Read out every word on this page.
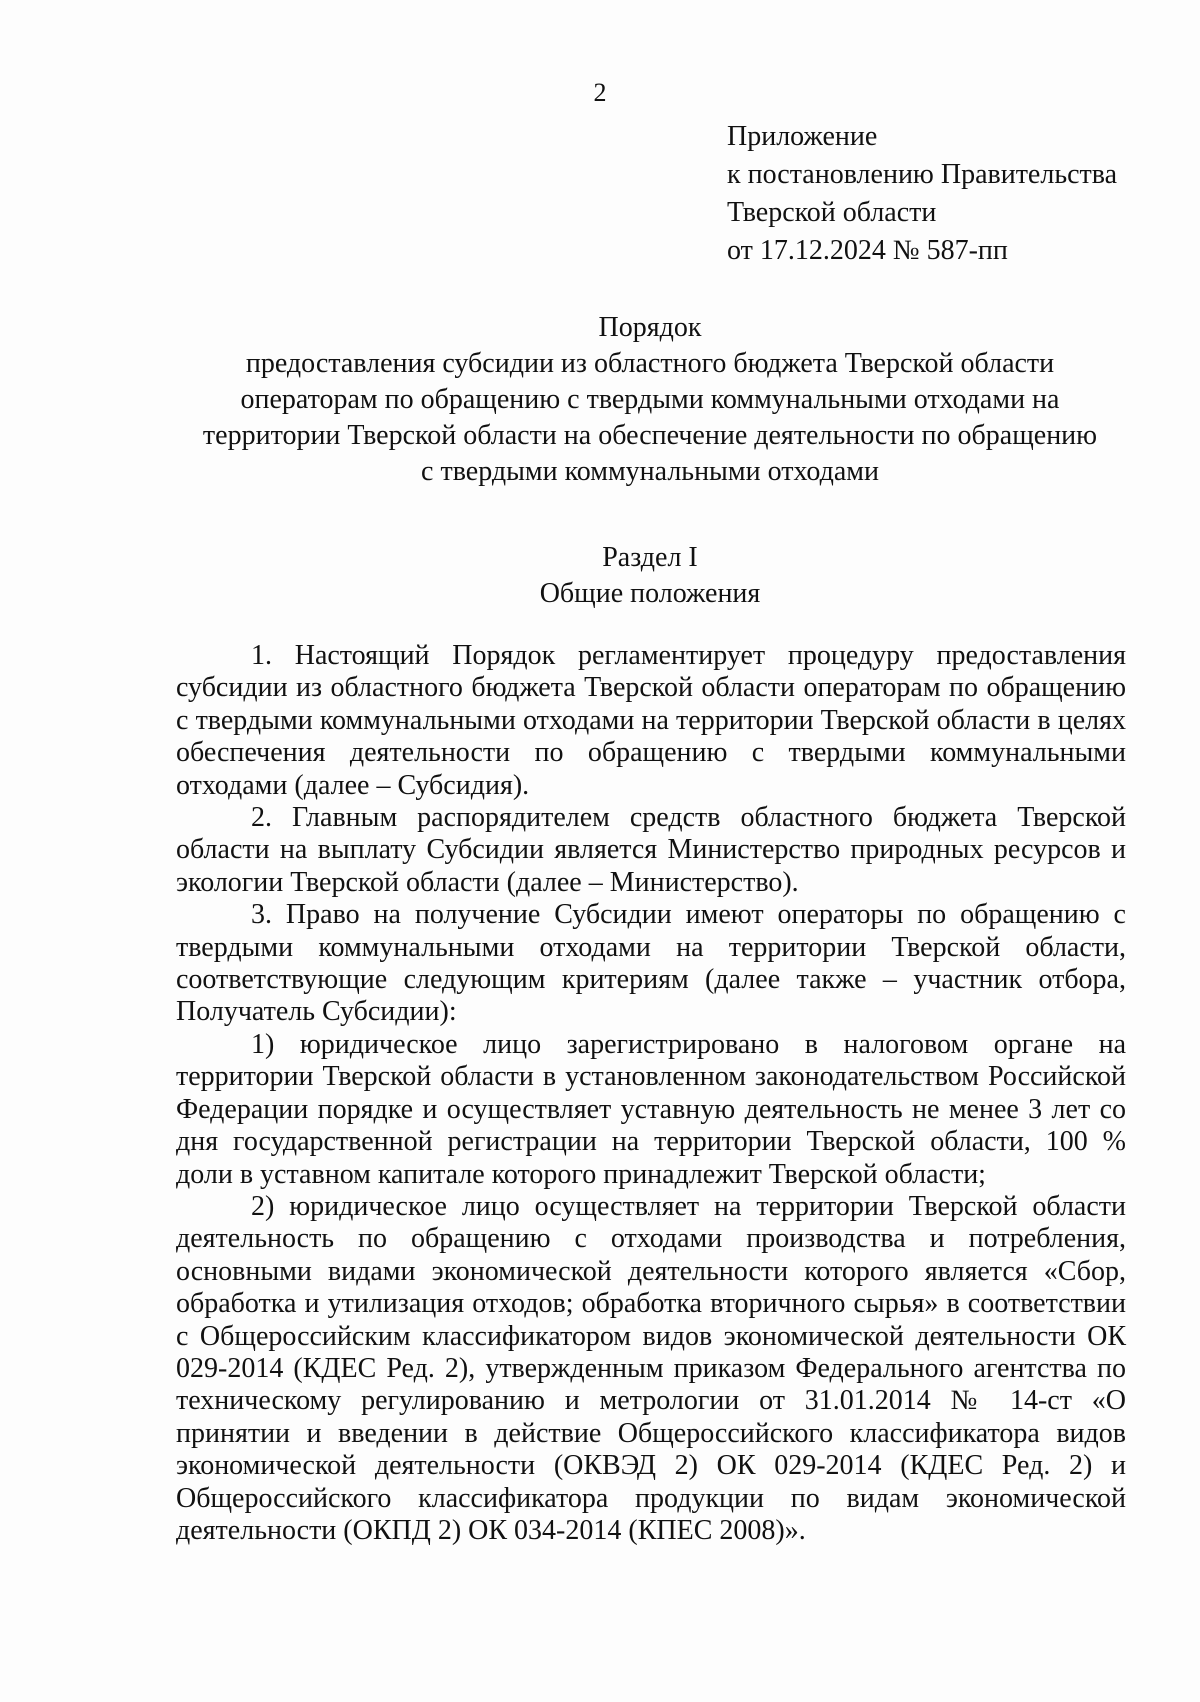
2
Приложение
к постановлению Правительства
Тверской области
от 17.12.2024 № 587-пп
Порядок
предоставления субсидии из областного бюджета Тверской области
операторам по обращению с твердыми коммунальными отходами на
территории Тверской области на обеспечение деятельности по обращению
с твердыми коммунальными отходами
Раздел I
Общие положения

1. Настоящий Порядок регламентирует процедуру предоставления субсидии из областного бюджета Тверской области операторам по обращению с твердыми коммунальными отходами на территории Тверской области в целях обеспечения деятельности по обращению с твердыми коммунальными отходами (далее – Субсидия).

2. Главным распорядителем средств областного бюджета Тверской области на выплату Субсидии является Министерство природных ресурсов и экологии Тверской области (далее – Министерство).

3. Право на получение Субсидии имеют операторы по обращению с твердыми коммунальными отходами на территории Тверской области, соответствующие следующим критериям (далее также – участник отбора, Получатель Субсидии):

1) юридическое лицо зарегистрировано в налоговом органе на территории Тверской области в установленном законодательством Российской Федерации порядке и осуществляет уставную деятельность не менее 3 лет со дня государственной регистрации на территории Тверской области, 100 % доли в уставном капитале которого принадлежит Тверской области;

2) юридическое лицо осуществляет на территории Тверской области деятельность по обращению с отходами производства и потребления, основными видами экономической деятельности которого является «Сбор, обработка и утилизация отходов; обработка вторичного сырья» в соответствии с Общероссийским классификатором видов экономической деятельности ОК 029-2014 (КДЕС Ред. 2), утвержденным приказом Федерального агентства по техническому регулированию и метрологии от 31.01.2014 № 14-ст «О принятии и введении в действие Общероссийского классификатора видов экономической деятельности (ОКВЭД 2) ОК 029-2014 (КДЕС Ред. 2) и Общероссийского классификатора продукции по видам экономической деятельности (ОКПД 2) ОК 034-2014 (КПЕС 2008)».
